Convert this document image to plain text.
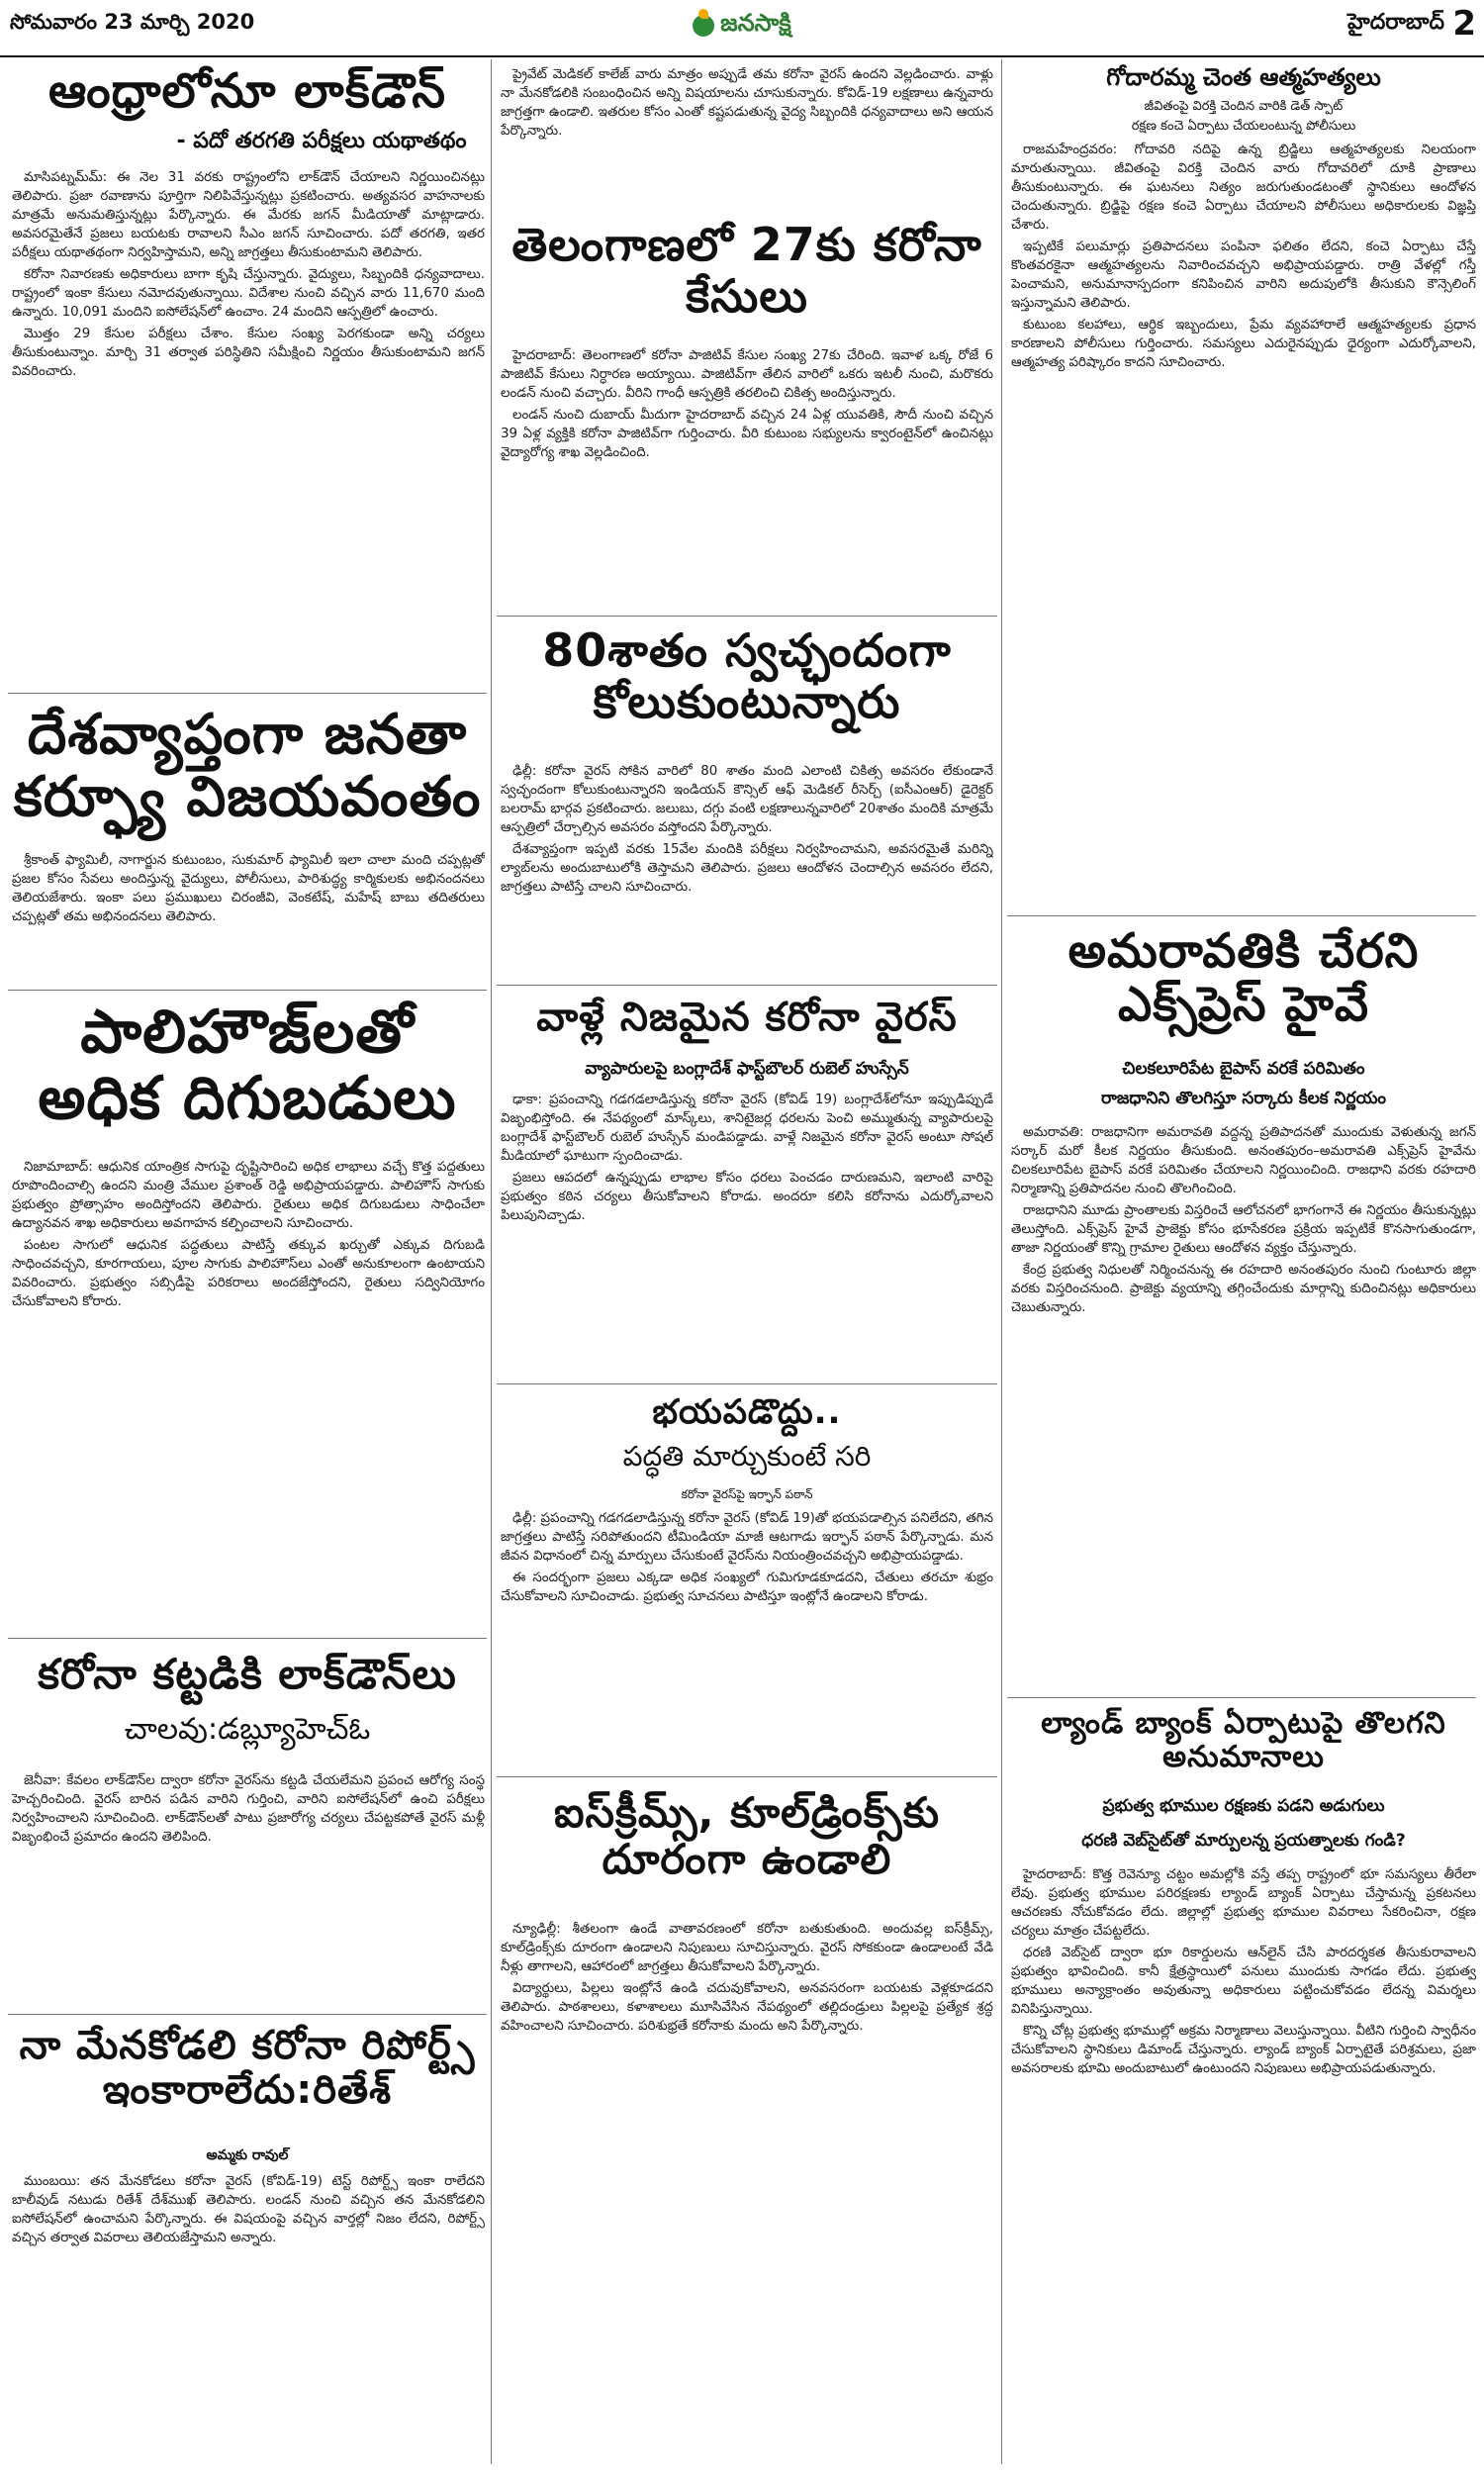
సోమవారం 23 మార్చి 2020	జనసాక్షి	హైదరాబాద్ 2
ఆంధ్రాలోనూ లాక్‌డౌన్
- పదో తరగతి పరీక్షలు యథాతథం

మాసిపట్నమ్‌మ్: ఈ నెల 31 వరకు రాష్ట్రంలోని లాక్‌డౌన్ చేయాలని నిర్ణయించినట్లు తెలిపారు. ప్రజా రవాణాను పూర్తిగా నిలిపివేస్తున్నట్లు ప్రకటించారు. అత్యవసర వాహనాలకు మాత్రమే అనుమతిస్తున్నట్లు పేర్కొన్నారు. ఈ మేరకు జగన్ మీడియాతో మాట్లాడారు. అవసరమైతేనే ప్రజలు బయటకు రావాలని సీఎం జగన్ సూచించారు. పదో తరగతి, ఇతర పరీక్షలు యథాతథంగా నిర్వహిస్తామని, అన్ని జాగ్రత్తలు తీసుకుంటామని తెలిపారు.

కరోనా నివారణకు అధికారులు బాగా కృషి చేస్తున్నారు. వైద్యులు, సిబ్బందికి ధన్యవాదాలు. రాష్ట్రంలో ఇంకా కేసులు నమోదవుతున్నాయి. విదేశాల నుంచి వచ్చిన వారు 11,670 మంది ఉన్నారు. 10,091 మందిని ఐసోలేషన్‌లో ఉంచాం. 24 మందిని ఆస్పత్రిలో ఉంచారు.

మొత్తం 29 కేసుల పరీక్షలు చేశాం. కేసుల సంఖ్య పెరగకుండా అన్ని చర్యలు తీసుకుంటున్నాం. మార్చి 31 తర్వాత పరిస్థితిని సమీక్షించి నిర్ణయం తీసుకుంటామని జగన్ వివరించారు.

దేశవ్యాప్తంగా జనతా కర్ఫ్యూ విజయవంతం

శ్రీకాంత్ ఫ్యామిలీ, నాగార్జున కుటుంబం, సుకుమార్ ఫ్యామిలీ ఇలా చాలా మంది చప్పట్లతో ప్రజల కోసం సేవలు అందిస్తున్న వైద్యులు, పోలీసులు, పారిశుద్ధ్య కార్మికులకు అభినందనలు తెలియజేశారు. ఇంకా పలు ప్రముఖులు చిరంజీవి, వెంకటేష్, మహేష్ బాబు తదితరులు చప్పట్లతో తమ అభినందనలు తెలిపారు.

పాలిహౌజ్‌లతో అధిక దిగుబడులు

నిజామాబాద్: ఆధునిక యాంత్రిక సాగుపై దృష్టిసారించి అధిక లాభాలు వచ్చే కొత్త పద్దతులు రూపొందించాల్సి ఉందని మంత్రి వేముల ప్రశాంత్ రెడ్డి అభిప్రాయపడ్డారు. పాలిహౌస్ సాగుకు ప్రభుత్వం ప్రోత్సాహం అందిస్తోందని తెలిపారు. రైతులు అధిక దిగుబడులు సాధించేలా ఉద్యానవన శాఖ అధికారులు అవగాహన కల్పించాలని సూచించారు.

పంటల సాగులో ఆధునిక పద్ధతులు పాటిస్తే తక్కువ ఖర్చుతో ఎక్కువ దిగుబడి సాధించవచ్చని, కూరగాయలు, పూల సాగుకు పాలిహౌస్‌లు ఎంతో అనుకూలంగా ఉంటాయని వివరించారు. ప్రభుత్వం సబ్సిడీపై పరికరాలు అందజేస్తోందని, రైతులు సద్వినియోగం చేసుకోవాలని కోరారు.

కరోనా కట్టడికి లాక్‌డౌన్‌లు
చాలవు:డబ్ల్యూహెచ్‌ఓ

జెనీవా: కేవలం లాక్‌డౌన్‌ల ద్వారా కరోనా వైరస్‌ను కట్టడి చేయలేమని ప్రపంచ ఆరోగ్య సంస్థ హెచ్చరించింది. వైరస్ బారిన పడిన వారిని గుర్తించి, వారిని ఐసోలేషన్‌లో ఉంచి పరీక్షలు నిర్వహించాలని సూచించింది. లాక్‌డౌన్‌లతో పాటు ప్రజారోగ్య చర్యలు చేపట్టకపోతే వైరస్ మళ్లీ విజృంభించే ప్రమాదం ఉందని తెలిపింది.

నా మేనకోడలి కరోనా రిపోర్ట్స్ ఇంకారాలేదు:రితేశ్
అమ్మకు రావుల్‌

ముంబయి: తన మేనకోడలు కరోనా వైరస్ (కోవిడ్-19) టెస్ట్ రిపోర్ట్స్ ఇంకా రాలేదని బాలీవుడ్ నటుడు రితేశ్ దేశ్‌ముఖ్ తెలిపారు. లండన్ నుంచి వచ్చిన తన మేనకోడలిని ఐసోలేషన్‌లో ఉంచామని పేర్కొన్నారు. ఈ విషయంపై వచ్చిన వార్తల్లో నిజం లేదని, రిపోర్ట్స్ వచ్చిన తర్వాత వివరాలు తెలియజేస్తామని అన్నారు.

ప్రైవేట్ మెడికల్ కాలేజ్ వారు మాత్రం అప్పుడే తమ కరోనా వైరస్ ఉందని వెల్లడించారు. వాళ్లు నా మేనకోడలికి సంబంధించిన అన్ని విషయాలను చూసుకున్నారు. కోవిడ్-19 లక్షణాలు ఉన్నవారు జాగ్రత్తగా ఉండాలి. ఇతరుల కోసం ఎంతో కష్టపడుతున్న వైద్య సిబ్బందికి ధన్యవాదాలు అని ఆయన పేర్కొన్నారు.

తెలంగాణలో 27కు కరోనా కేసులు

హైదరాబాద్: తెలంగాణలో కరోనా పాజిటివ్ కేసుల సంఖ్య 27కు చేరింది. ఇవాళ ఒక్క రోజే 6 పాజిటివ్ కేసులు నిర్ధారణ అయ్యాయి. పాజిటివ్‌గా తేలిన వారిలో ఒకరు ఇటలీ నుంచి, మరొకరు లండన్ నుంచి వచ్చారు. వీరిని గాంధీ ఆస్పత్రికి తరలించి చికిత్స అందిస్తున్నారు.

లండన్ నుంచి దుబాయ్ మీదుగా హైదరాబాద్ వచ్చిన 24 ఏళ్ల యువతికి, సౌదీ నుంచి వచ్చిన 39 ఏళ్ల వ్యక్తికి కరోనా పాజిటివ్‌గా గుర్తించారు. వీరి కుటుంబ సభ్యులను క్వారంటైన్‌లో ఉంచినట్లు వైద్యారోగ్య శాఖ వెల్లడించింది.

80శాతం స్వచ్ఛందంగా కోలుకుంటున్నారు

ఢిల్లీ: కరోనా వైరస్ సోకిన వారిలో 80 శాతం మంది ఎలాంటి చికిత్స అవసరం లేకుండానే స్వచ్ఛందంగా కోలుకుంటున్నారని ఇండియన్ కౌన్సిల్ ఆఫ్ మెడికల్ రీసెర్చ్ (ఐసీఎంఆర్) డైరెక్టర్ బలరామ్ భార్గవ ప్రకటించారు. జలుబు, దగ్గు వంటి లక్షణాలున్నవారిలో 20శాతం మందికి మాత్రమే ఆస్పత్రిలో చేర్చాల్సిన అవసరం వస్తోందని పేర్కొన్నారు.

దేశవ్యాప్తంగా ఇప్పటి వరకు 15వేల మందికి పరీక్షలు నిర్వహించామని, అవసరమైతే మరిన్ని ల్యాబ్‌లను అందుబాటులోకి తెస్తామని తెలిపారు. ప్రజలు ఆందోళన చెందాల్సిన అవసరం లేదని, జాగ్రత్తలు పాటిస్తే చాలని సూచించారు.

వాళ్లే నిజమైన కరోనా వైరస్
వ్యాపారులపై బంగ్లాదేశ్ ఫాస్ట్‌బౌలర్ రుబెల్ హుస్సేన్

ఢాకా: ప్రపంచాన్ని గడగడలాడిస్తున్న కరోనా వైరస్ (కోవిడ్ 19) బంగ్లాదేశ్‌లోనూ ఇప్పుడిప్పుడే విజృంభిస్తోంది. ఈ నేపథ్యంలో మాస్క్‌లు, శానిటైజర్ల ధరలను పెంచి అమ్ముతున్న వ్యాపారులపై బంగ్లాదేశ్ ఫాస్ట్‌బౌలర్ రుబెల్ హుస్సేన్ మండిపడ్డాడు. వాళ్లే నిజమైన కరోనా వైరస్ అంటూ సోషల్ మీడియాలో ఘాటుగా స్పందించాడు.

ప్రజలు ఆపదలో ఉన్నప్పుడు లాభాల కోసం ధరలు పెంచడం దారుణమని, ఇలాంటి వారిపై ప్రభుత్వం కఠిన చర్యలు తీసుకోవాలని కోరాడు. అందరూ కలిసి కరోనాను ఎదుర్కోవాలని పిలుపునిచ్చాడు.

భయపడొద్దు..
పద్ధతి మార్చుకుంటే సరి
కరోనా వైరస్‌పై ఇర్ఫాన్ పఠాన్

ఢిల్లీ: ప్రపంచాన్ని గడగడలాడిస్తున్న కరోనా వైరస్ (కోవిడ్ 19)తో భయపడాల్సిన పనిలేదని, తగిన జాగ్రత్తలు పాటిస్తే సరిపోతుందని టీమిండియా మాజీ ఆటగాడు ఇర్ఫాన్ పఠాన్ పేర్కొన్నాడు. మన జీవన విధానంలో చిన్న మార్పులు చేసుకుంటే వైరస్‌ను నియంత్రించవచ్చని అభిప్రాయపడ్డాడు.

ఈ సందర్భంగా ప్రజలు ఎక్కడా అధిక సంఖ్యలో గుమిగూడకూడదని, చేతులు తరచూ శుభ్రం చేసుకోవాలని సూచించాడు. ప్రభుత్వ సూచనలు పాటిస్తూ ఇంట్లోనే ఉండాలని కోరాడు.

ఐస్‌క్రీమ్స్, కూల్‌డ్రింక్స్‌కు దూరంగా ఉండాలి

న్యూఢిల్లీ: శీతలంగా ఉండే వాతావరణంలో కరోనా బతుకుతుంది. అందువల్ల ఐస్‌క్రీమ్స్, కూల్‌డ్రింక్స్‌కు దూరంగా ఉండాలని నిపుణులు సూచిస్తున్నారు. వైరస్ సోకకుండా ఉండాలంటే వేడి నీళ్లు తాగాలని, ఆహారంలో జాగ్రత్తలు తీసుకోవాలని పేర్కొన్నారు.

విద్యార్థులు, పిల్లలు ఇంట్లోనే ఉండి చదువుకోవాలని, అనవసరంగా బయటకు వెళ్లకూడదని తెలిపారు. పాఠశాలలు, కళాశాలలు మూసివేసిన నేపథ్యంలో తల్లిదండ్రులు పిల్లలపై ప్రత్యేక శ్రద్ధ వహించాలని సూచించారు. పరిశుభ్రతే కరోనాకు మందు అని పేర్కొన్నారు.

గోదారమ్మ చెంత ఆత్మహత్యలు
జీవితంపై విరక్తి చెందిన వారికి డెత్ స్పాట్
రక్షణ కంచె ఏర్పాటు చేయలంటున్న పోలీసులు

రాజమహేంద్రవరం: గోదావరి నదిపై ఉన్న బ్రిడ్జిలు ఆత్మహత్యలకు నిలయంగా మారుతున్నాయి. జీవితంపై విరక్తి చెందిన వారు గోదావరిలో దూకి ప్రాణాలు తీసుకుంటున్నారు. ఈ ఘటనలు నిత్యం జరుగుతుండటంతో స్థానికులు ఆందోళన చెందుతున్నారు. బ్రిడ్జిపై రక్షణ కంచె ఏర్పాటు చేయాలని పోలీసులు అధికారులకు విజ్ఞప్తి చేశారు.

ఇప్పటికే పలుమార్లు ప్రతిపాదనలు పంపినా ఫలితం లేదని, కంచె ఏర్పాటు చేస్తే కొంతవరకైనా ఆత్మహత్యలను నివారించవచ్చని అభిప్రాయపడ్డారు. రాత్రి వేళల్లో గస్తీ పెంచామని, అనుమానాస్పదంగా కనిపించిన వారిని అదుపులోకి తీసుకుని కౌన్సెలింగ్ ఇస్తున్నామని తెలిపారు.

కుటుంబ కలహాలు, ఆర్థిక ఇబ్బందులు, ప్రేమ వ్యవహారాలే ఆత్మహత్యలకు ప్రధాన కారణాలని పోలీసులు గుర్తించారు. సమస్యలు ఎదురైనప్పుడు ధైర్యంగా ఎదుర్కోవాలని, ఆత్మహత్య పరిష్కారం కాదని సూచించారు.

అమరావతికి చేరని ఎక్స్‌ప్రెస్ హైవే
చిలకలూరిపేట బైపాస్ వరకే పరిమితం
రాజధానిని తొలగిస్తూ సర్కారు కీలక నిర్ణయం

అమరావతి: రాజధానిగా అమరావతి వద్దన్న ప్రతిపాదనతో ముందుకు వెళుతున్న జగన్ సర్కార్ మరో కీలక నిర్ణయం తీసుకుంది. అనంతపురం–అమరావతి ఎక్స్‌ప్రెస్ హైవేను చిలకలూరిపేట బైపాస్ వరకే పరిమితం చేయాలని నిర్ణయించింది. రాజధాని వరకు రహదారి నిర్మాణాన్ని ప్రతిపాదనల నుంచి తొలగించింది.

రాజధానిని మూడు ప్రాంతాలకు విస్తరించే ఆలోచనలో భాగంగానే ఈ నిర్ణయం తీసుకున్నట్లు తెలుస్తోంది. ఎక్స్‌ప్రెస్ హైవే ప్రాజెక్టు కోసం భూసేకరణ ప్రక్రియ ఇప్పటికే కొనసాగుతుండగా, తాజా నిర్ణయంతో కొన్ని గ్రామాల రైతులు ఆందోళన వ్యక్తం చేస్తున్నారు.

కేంద్ర ప్రభుత్వ నిధులతో నిర్మించనున్న ఈ రహదారి అనంతపురం నుంచి గుంటూరు జిల్లా వరకు విస్తరించనుంది. ప్రాజెక్టు వ్యయాన్ని తగ్గించేందుకు మార్గాన్ని కుదించినట్లు అధికారులు చెబుతున్నారు.

ల్యాండ్ బ్యాంక్ ఏర్పాటుపై తొలగని అనుమానాలు
ప్రభుత్వ భూముల రక్షణకు పడని అడుగులు
ధరణి వెబ్‌సైట్‌తో మార్పులన్న ప్రయత్నాలకు గండి?

హైదరాబాద్: కొత్త రెవెన్యూ చట్టం అమల్లోకి వస్తే తప్ప రాష్ట్రంలో భూ సమస్యలు తీరేలా లేవు. ప్రభుత్వ భూముల పరిరక్షణకు ల్యాండ్ బ్యాంక్ ఏర్పాటు చేస్తామన్న ప్రకటనలు ఆచరణకు నోచుకోవడం లేదు. జిల్లాల్లో ప్రభుత్వ భూముల వివరాలు సేకరించినా, రక్షణ చర్యలు మాత్రం చేపట్టలేదు.

ధరణి వెబ్‌సైట్ ద్వారా భూ రికార్డులను ఆన్‌లైన్ చేసి పారదర్శకత తీసుకురావాలని ప్రభుత్వం భావించింది. కానీ క్షేత్రస్థాయిలో పనులు ముందుకు సాగడం లేదు. ప్రభుత్వ భూములు అన్యాక్రాంతం అవుతున్నా అధికారులు పట్టించుకోవడం లేదన్న విమర్శలు వినిపిస్తున్నాయి.

కొన్ని చోట్ల ప్రభుత్వ భూముల్లో అక్రమ నిర్మాణాలు వెలుస్తున్నాయి. వీటిని గుర్తించి స్వాధీనం చేసుకోవాలని స్థానికులు డిమాండ్ చేస్తున్నారు. ల్యాండ్ బ్యాంక్ ఏర్పాటైతే పరిశ్రమలు, ప్రజా అవసరాలకు భూమి అందుబాటులో ఉంటుందని నిపుణులు అభిప్రాయపడుతున్నారు.
